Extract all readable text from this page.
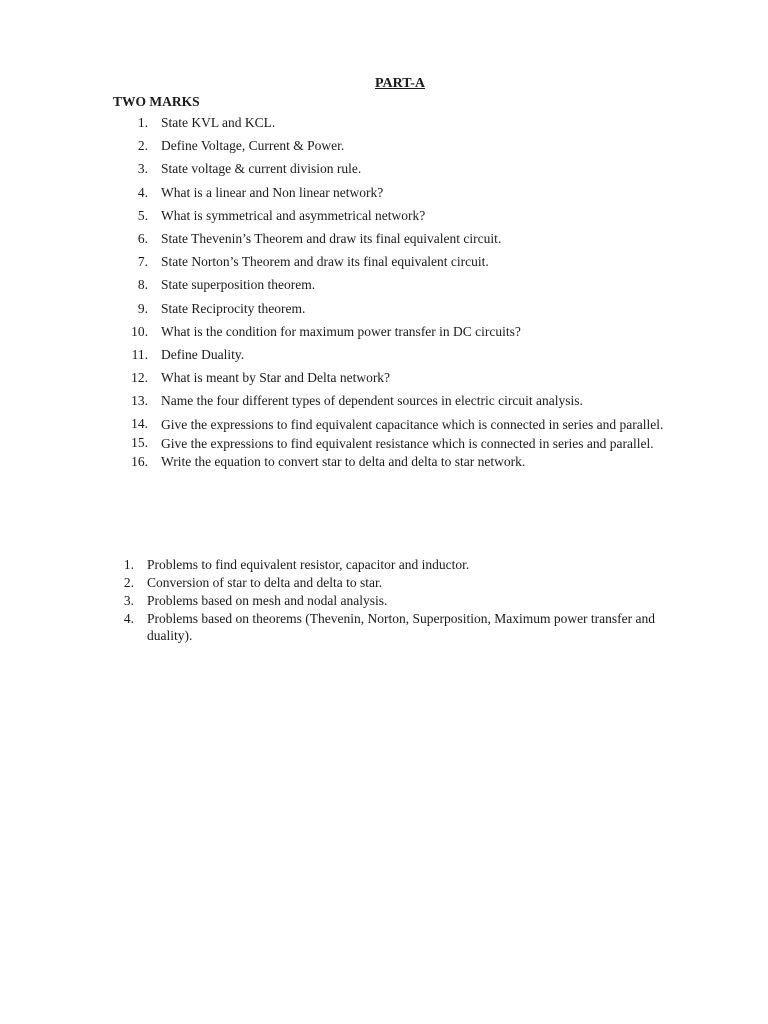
PART-A
TWO MARKS
1. State KVL and KCL.
2. Define Voltage, Current & Power.
3. State voltage & current division rule.
4. What is a linear and Non linear network?
5. What is symmetrical and asymmetrical network?
6. State Thevenin’s Theorem and draw its final equivalent circuit.
7. State Norton’s Theorem and draw its final equivalent circuit.
8. State superposition theorem.
9. State Reciprocity theorem.
10. What is the condition for maximum power transfer in DC circuits?
11. Define Duality.
12. What is meant by Star and Delta network?
13. Name the four different types of dependent sources in electric circuit analysis.
14. Give the expressions to find equivalent capacitance which is connected in series and parallel.
15. Give the expressions to find equivalent resistance which is connected in series and parallel.
16. Write the equation to convert star to delta and delta to star network.
1. Problems to find equivalent resistor, capacitor and inductor.
2. Conversion of star to delta and delta to star.
3. Problems based on mesh and nodal analysis.
4. Problems based on theorems (Thevenin, Norton, Superposition, Maximum power transfer and duality).
